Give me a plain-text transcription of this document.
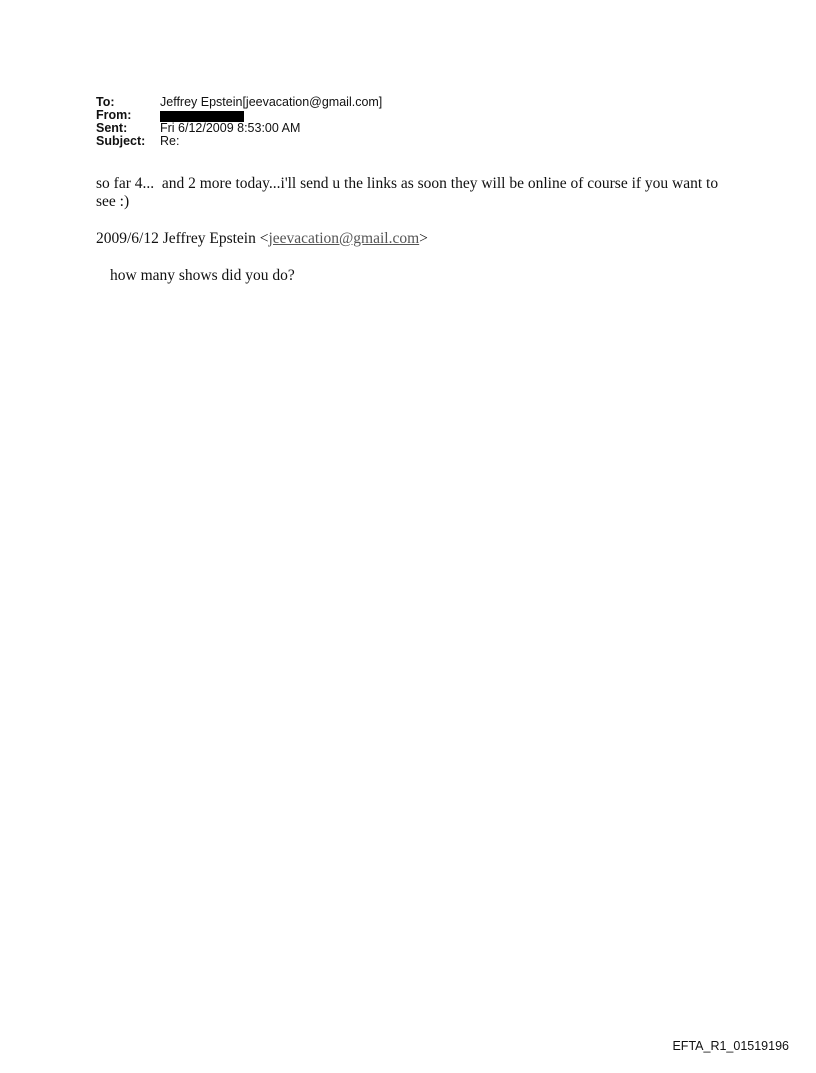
To:	Jeffrey Epstein[jeevacation@gmail.com]
From:
Sent:	Fri 6/12/2009 8:53:00 AM
Subject:	Re:
so far 4...  and 2 more today...i'll send u the links as soon they will be online of course if you want to see :)
2009/6/12 Jeffrey Epstein <jeevacation@gmail.com>
how many shows did you do?
EFTA_R1_01519196
